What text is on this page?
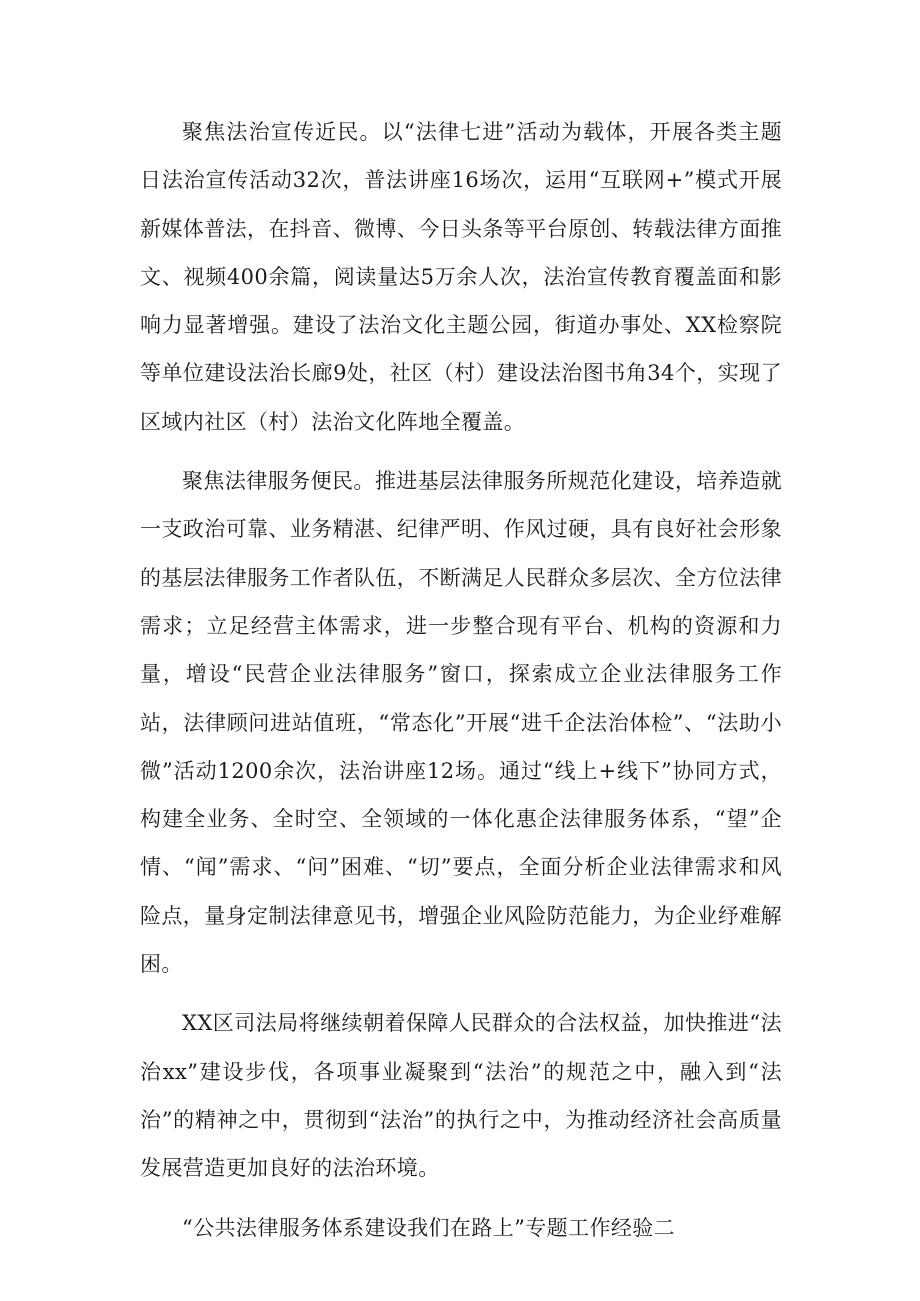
聚焦法治宣传近民。以“法律七进”活动为载体，开展各类主题日法治宣传活动32次，普法讲座16场次，运用“互联网+”模式开展新媒体普法，在抖音、微博、今日头条等平台原创、转载法律方面推文、视频400余篇，阅读量达5万余人次，法治宣传教育覆盖面和影响力显著增强。建设了法治文化主题公园，街道办事处、XX检察院等单位建设法治长廊9处，社区（村）建设法治图书角34个，实现了区域内社区（村）法治文化阵地全覆盖。

聚焦法律服务便民。推进基层法律服务所规范化建设，培养造就一支政治可靠、业务精湛、纪律严明、作风过硬，具有良好社会形象的基层法律服务工作者队伍，不断满足人民群众多层次、全方位法律需求；立足经营主体需求，进一步整合现有平台、机构的资源和力量，增设“民营企业法律服务”窗口，探索成立企业法律服务工作站，法律顾问进站值班，“常态化”开展“进千企法治体检”、“法助小微”活动1200余次，法治讲座12场。通过“线上+线下”协同方式，构建全业务、全时空、全领域的一体化惠企法律服务体系，“望”企情、“闻”需求、“问”困难、“切”要点，全面分析企业法律需求和风险点，量身定制法律意见书，增强企业风险防范能力，为企业纾难解困。

XX区司法局将继续朝着保障人民群众的合法权益，加快推进“法治xx”建设步伐，各项事业凝聚到“法治”的规范之中，融入到“法治”的精神之中，贯彻到“法治”的执行之中，为推动经济社会高质量发展营造更加良好的法治环境。

“公共法律服务体系建设我们在路上”专题工作经验二
